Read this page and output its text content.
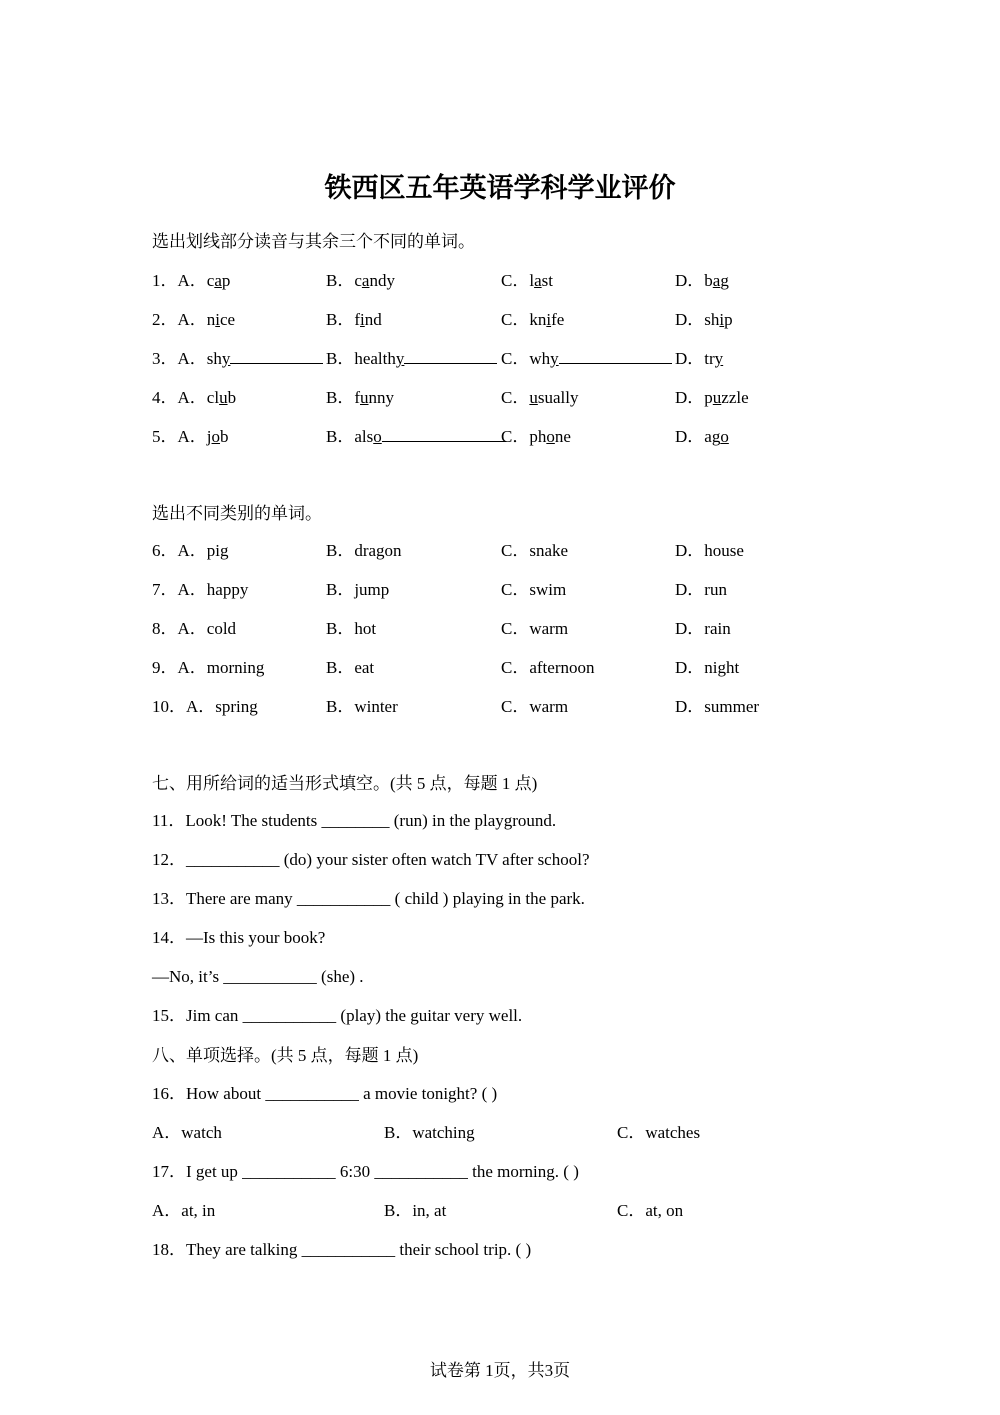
铁西区五年英语学科学业评价
选出划线部分读音与其余三个不同的单词。
1．A．cap	B．candy	C．last	D．bag
2．A．nice	B．find	C．knife	D．ship
3．A．shy	B．healthy	C．why	D．try
4．A．club	B．funny	C．usually	D．puzzle
5．A．job	B．also	C．phone	D．ago
选出不同类别的单词。
6．A．pig	B．dragon	C．snake	D．house
7．A．happy	B．jump	C．swim	D．run
8．A．cold	B．hot	C．warm	D．rain
9．A．morning	B．eat	C．afternoon	D．night
10．A．spring	B．winter	C．warm	D．summer
七、用所给词的适当形式填空。(共 5 点，每题 1 点)
11．Look! The students ________ (run) in the playground.
12．___________ (do) your sister often watch TV after school?
13．There are many ___________ ( child ) playing in the park.
14．—Is this your book?
—No, it’s ___________ (she) .
15．Jim can ___________ (play) the guitar very well.
八、单项选择。(共 5 点，每题 1 点)
16．How about ___________ a movie tonight? ( )
A．watch	B．watching	C．watches
17．I get up ___________ 6:30 ___________ the morning. ( )
A．at, in	B．in, at	C．at, on
18．They are talking ___________ their school trip. ( )
试卷第 1页，共3页
